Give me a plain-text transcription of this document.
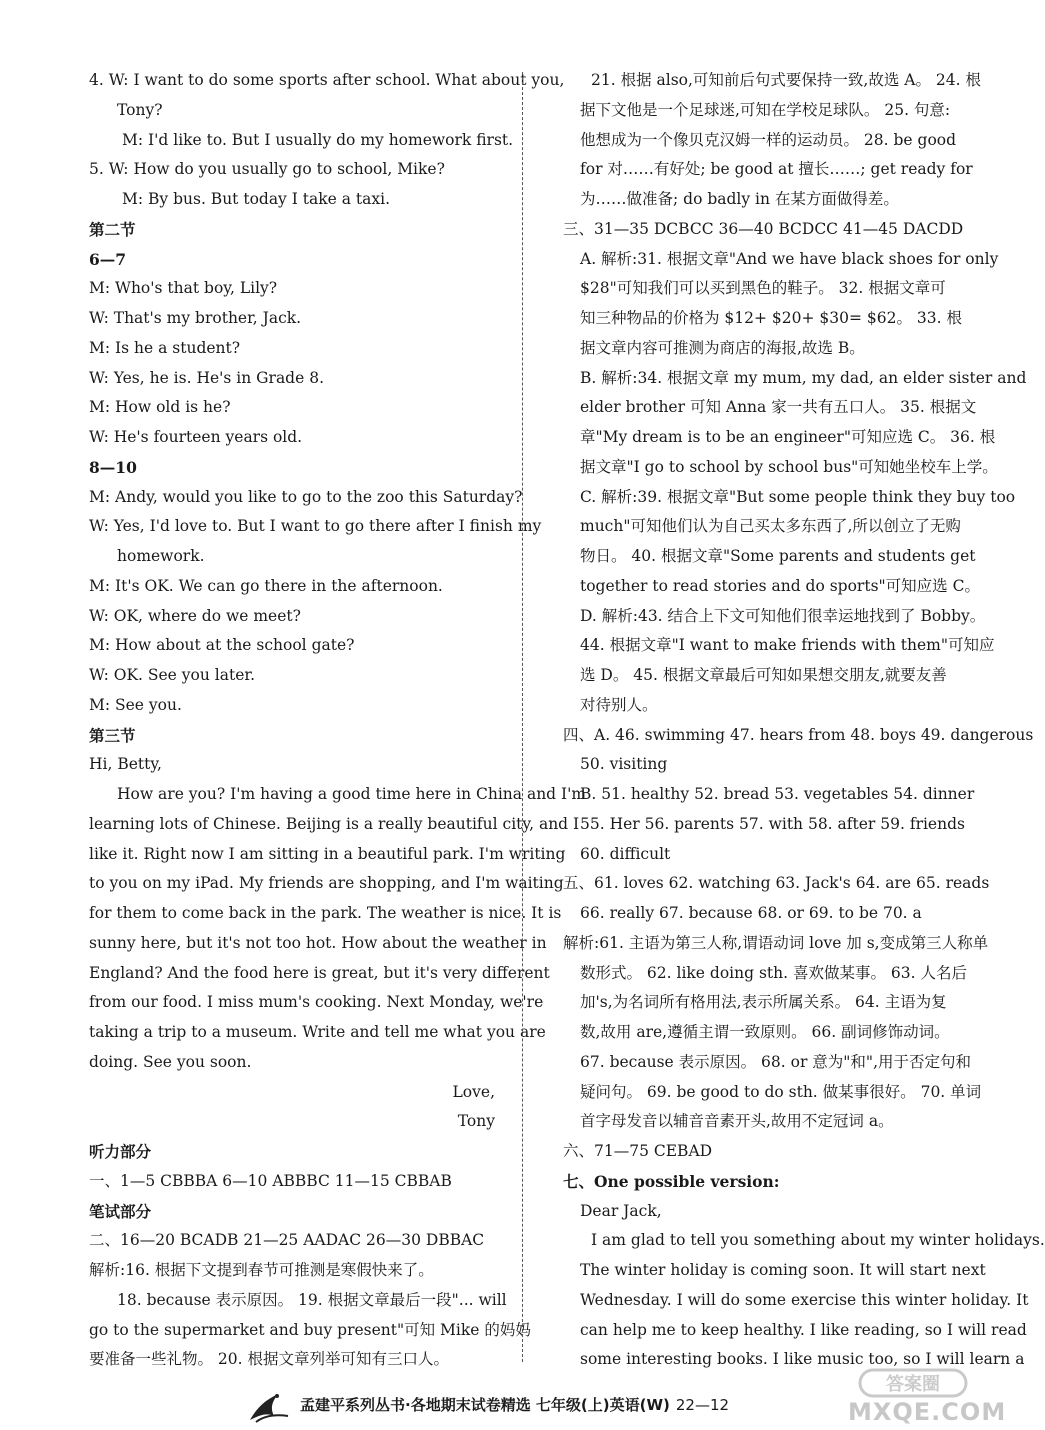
4. W: I want to do some sports after school. What about you,
Tony?
M: I'd like to. But I usually do my homework first.
5. W: How do you usually go to school, Mike?
M: By bus. But today I take a taxi.
第二节
6—7
M: Who's that boy, Lily?
W: That's my brother, Jack.
M: Is he a student?
W: Yes, he is. He's in Grade 8.
M: How old is he?
W: He's fourteen years old.
8—10
M: Andy, would you like to go to the zoo this Saturday?
W: Yes, I'd love to. But I want to go there after I finish my
homework.
M: It's OK. We can go there in the afternoon.
W: OK, where do we meet?
M: How about at the school gate?
W: OK. See you later.
M: See you.
第三节
Hi, Betty,
How are you? I'm having a good time here in China and I'm
learning lots of Chinese. Beijing is a really beautiful city, and I
like it. Right now I am sitting in a beautiful park. I'm writing
to you on my iPad. My friends are shopping, and I'm waiting
for them to come back in the park. The weather is nice. It is
sunny here, but it's not too hot. How about the weather in
England? And the food here is great, but it's very different
from our food. I miss mum's cooking. Next Monday, we're
taking a trip to a museum. Write and tell me what you are
doing. See you soon.
Love,
Tony
听力部分
一、1—5 CBBBA 6—10 ABBBC 11—15 CBBAB
笔试部分
二、16—20 BCADB 21—25 AADAC 26—30 DBBAC
解析:16. 根据下文提到春节可推测是寒假快来了。
18. because 表示原因。 19. 根据文章最后一段"... will
go to the supermarket and buy present"可知 Mike 的妈妈
要准备一些礼物。 20. 根据文章列举可知有三口人。
21. 根据 also,可知前后句式要保持一致,故选 A。 24. 根
据下文他是一个足球迷,可知在学校足球队。 25. 句意:
他想成为一个像贝克汉姆一样的运动员。 28. be good
for 对……有好处; be good at 擅长……; get ready for
为……做准备; do badly in 在某方面做得差。
三、31—35 DCBCC 36—40 BCDCC 41—45 DACDD
A. 解析:31. 根据文章"And we have black shoes for only
$28"可知我们可以买到黑色的鞋子。 32. 根据文章可
知三种物品的价格为 $12+ $20+ $30= $62。 33. 根
据文章内容可推测为商店的海报,故选 B。
B. 解析:34. 根据文章 my mum, my dad, an elder sister and
elder brother 可知 Anna 家一共有五口人。 35. 根据文
章"My dream is to be an engineer"可知应选 C。 36. 根
据文章"I go to school by school bus"可知她坐校车上学。
C. 解析:39. 根据文章"But some people think they buy too
much"可知他们认为自己买太多东西了,所以创立了无购
物日。 40. 根据文章"Some parents and students get
together to read stories and do sports"可知应选 C。
D. 解析:43. 结合上下文可知他们很幸运地找到了 Bobby。
44. 根据文章"I want to make friends with them"可知应
选 D。 45. 根据文章最后可知如果想交朋友,就要友善
对待别人。
四、A. 46. swimming 47. hears from 48. boys 49. dangerous
50. visiting
B. 51. healthy 52. bread 53. vegetables 54. dinner
55. Her 56. parents 57. with 58. after 59. friends
60. difficult
五、61. loves 62. watching 63. Jack's 64. are 65. reads
66. really 67. because 68. or 69. to be 70. a
解析:61. 主语为第三人称,谓语动词 love 加 s,变成第三人称单
数形式。 62. like doing sth. 喜欢做某事。 63. 人名后
加's,为名词所有格用法,表示所属关系。 64. 主语为复
数,故用 are,遵循主谓一致原则。 66. 副词修饰动词。
67. because 表示原因。 68. or 意为"和",用于否定句和
疑问句。 69. be good to do sth. 做某事很好。 70. 单词
首字母发音以辅音音素开头,故用不定冠词 a。
六、71—75 CEBAD
七、One possible version:
Dear Jack,
I am glad to tell you something about my winter holidays.
The winter holiday is coming soon. It will start next
Wednesday. I will do some exercise this winter holiday. It
can help me to keep healthy. I like reading, so I will read
some interesting books. I like music too, so I will learn a
孟建平系列丛书·各地期末试卷精选 七年级(上)英语(W) 22—12
答案圈
MXQE.COM
